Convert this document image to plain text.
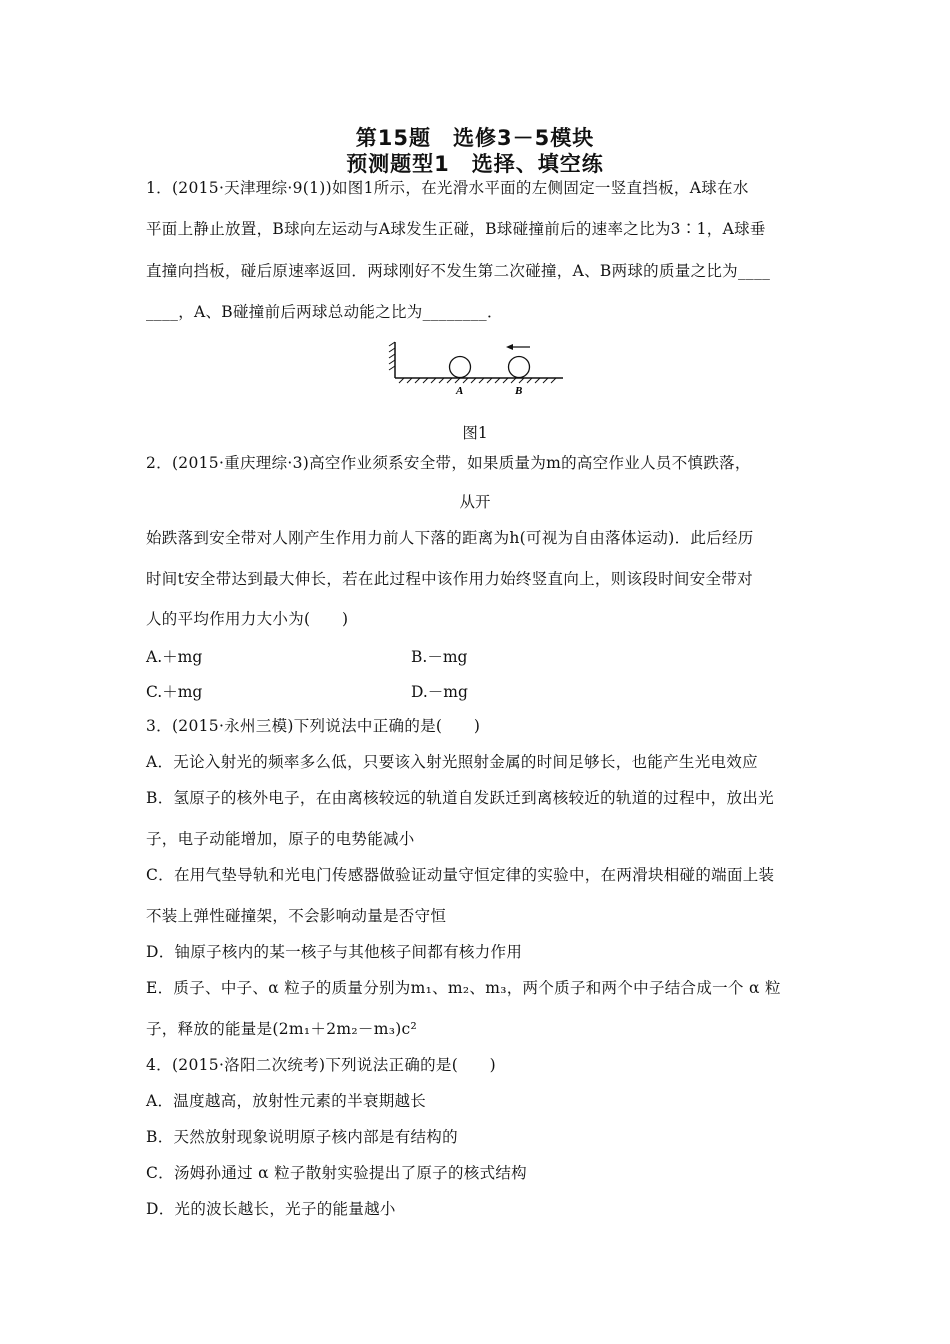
第15题　选修3－5模块
预测题型1　选择、填空练
1．(2015·天津理综·9(1))如图1所示，在光滑水平面的左侧固定一竖直挡板，A球在水
平面上静止放置，B球向左运动与A球发生正碰，B球碰撞前后的速率之比为3∶1，A球垂
直撞向挡板，碰后原速率返回．两球刚好不发生第二次碰撞，A、B两球的质量之比为____
____，A、B碰撞前后两球总动能之比为________．
A	B
图1
2．(2015·重庆理综·3)高空作业须系安全带，如果质量为m的高空作业人员不慎跌落，
从开
始跌落到安全带对人刚产生作用力前人下落的距离为h(可视为自由落体运动)．此后经历
时间t安全带达到最大伸长，若在此过程中该作用力始终竖直向上，则该段时间安全带对
人的平均作用力大小为(　　)
A.＋mg	B.－mg
C.＋mg	D.－mg
3．(2015·永州三模)下列说法中正确的是(　　)
A．无论入射光的频率多么低，只要该入射光照射金属的时间足够长，也能产生光电效应
B．氢原子的核外电子，在由离核较远的轨道自发跃迁到离核较近的轨道的过程中，放出光
子，电子动能增加，原子的电势能减小
C．在用气垫导轨和光电门传感器做验证动量守恒定律的实验中，在两滑块相碰的端面上装
不装上弹性碰撞架，不会影响动量是否守恒
D．铀原子核内的某一核子与其他核子间都有核力作用
E．质子、中子、α 粒子的质量分别为m₁、m₂、m₃，两个质子和两个中子结合成一个 α 粒
子，释放的能量是(2m₁＋2m₂－m₃)c²
4．(2015·洛阳二次统考)下列说法正确的是(　　)
A．温度越高，放射性元素的半衰期越长
B．天然放射现象说明原子核内部是有结构的
C．汤姆孙通过 α 粒子散射实验提出了原子的核式结构
D．光的波长越长，光子的能量越小
